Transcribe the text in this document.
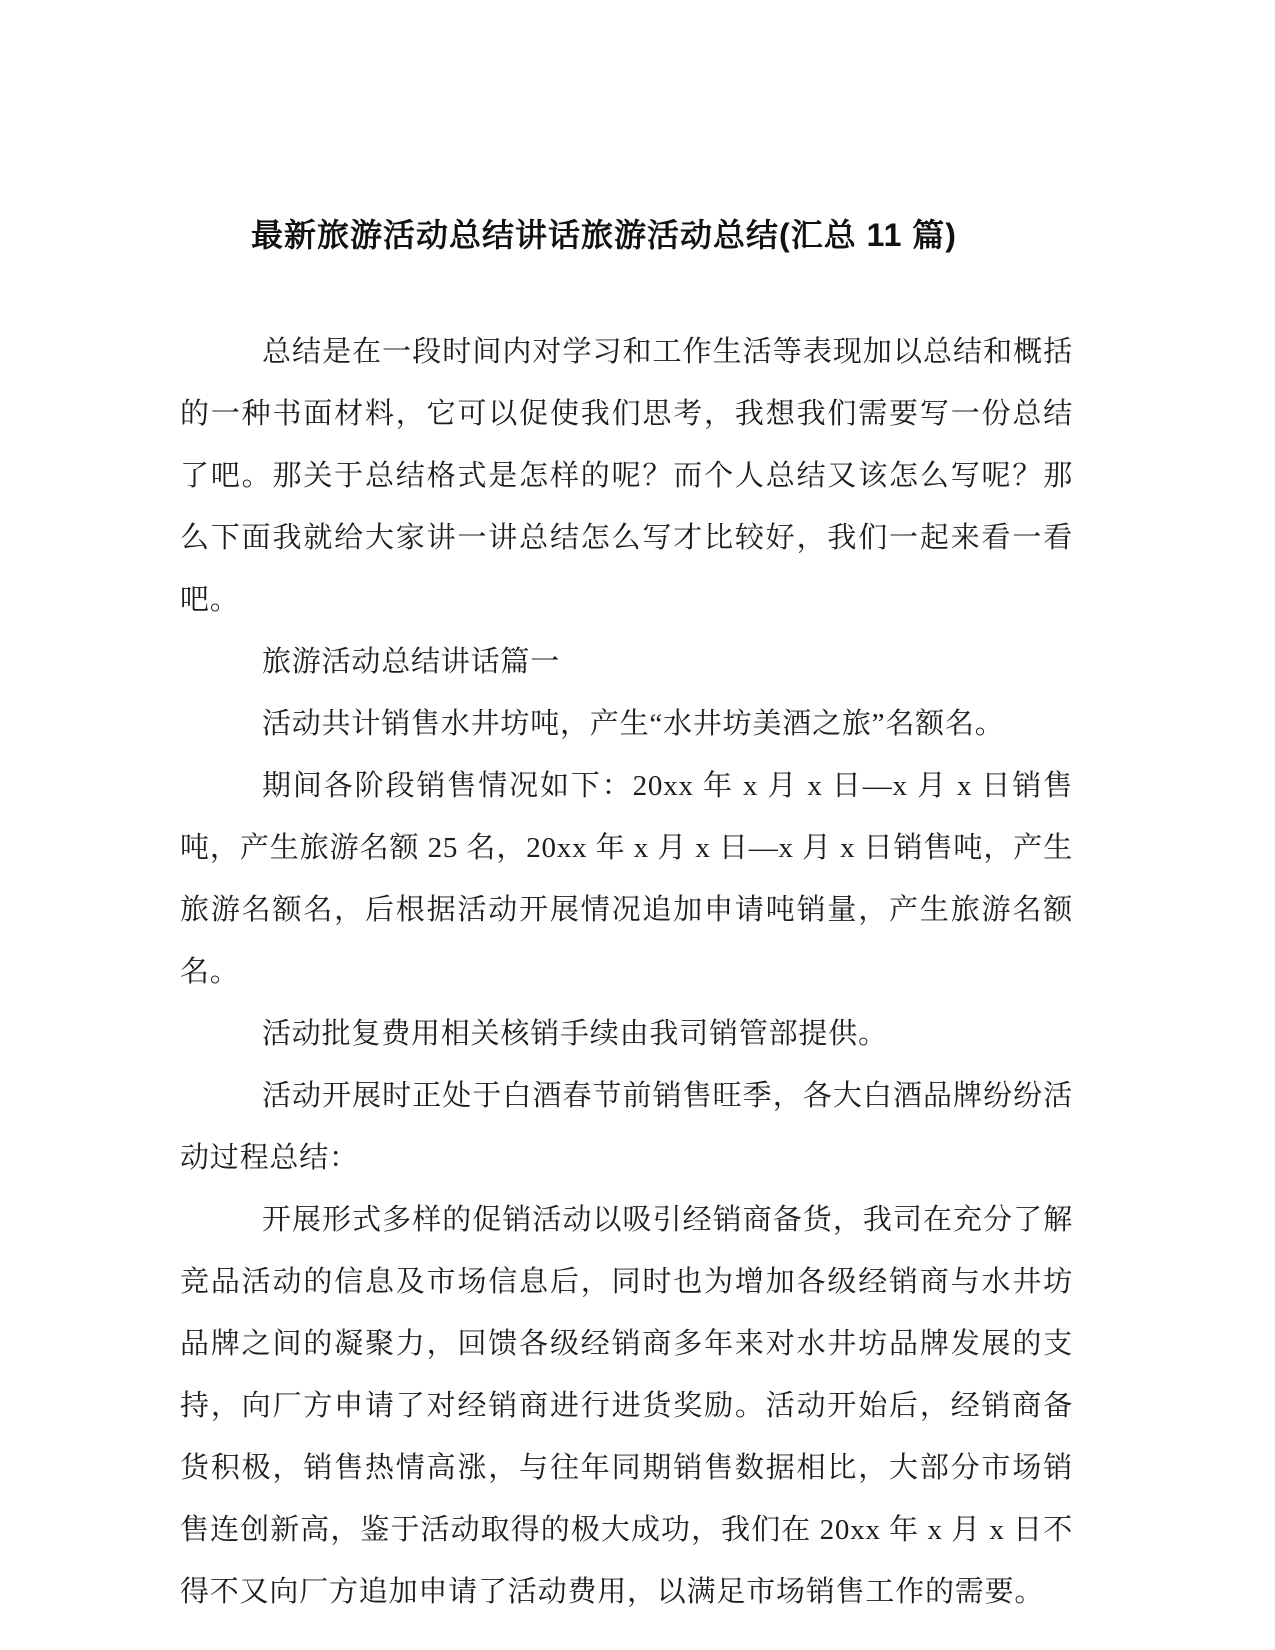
最新旅游活动总结讲话旅游活动总结(汇总 11 篇)

总结是在一段时间内对学习和工作生活等表现加以总结和概括的一种书面材料，它可以促使我们思考，我想我们需要写一份总结了吧。那关于总结格式是怎样的呢？而个人总结又该怎么写呢？那么下面我就给大家讲一讲总结怎么写才比较好，我们一起来看一看吧。

旅游活动总结讲话篇一

活动共计销售水井坊吨，产生“水井坊美酒之旅”名额名。

期间各阶段销售情况如下：20xx 年 x 月 x 日—x 月 x 日销售吨，产生旅游名额 25 名，20xx 年 x 月 x 日—x 月 x 日销售吨，产生旅游名额名，后根据活动开展情况追加申请吨销量，产生旅游名额名。

活动批复费用相关核销手续由我司销管部提供。

活动开展时正处于白酒春节前销售旺季，各大白酒品牌纷纷活动过程总结：

开展形式多样的促销活动以吸引经销商备货，我司在充分了解竞品活动的信息及市场信息后，同时也为增加各级经销商与水井坊品牌之间的凝聚力，回馈各级经销商多年来对水井坊品牌发展的支持，向厂方申请了对经销商进行进货奖励。活动开始后，经销商备货积极，销售热情高涨，与往年同期销售数据相比，大部分市场销售连创新高，鉴于活动取得的极大成功，我们在 20xx 年 x 月 x 日不得不又向厂方追加申请了活动费用，以满足市场销售工作的需要。
